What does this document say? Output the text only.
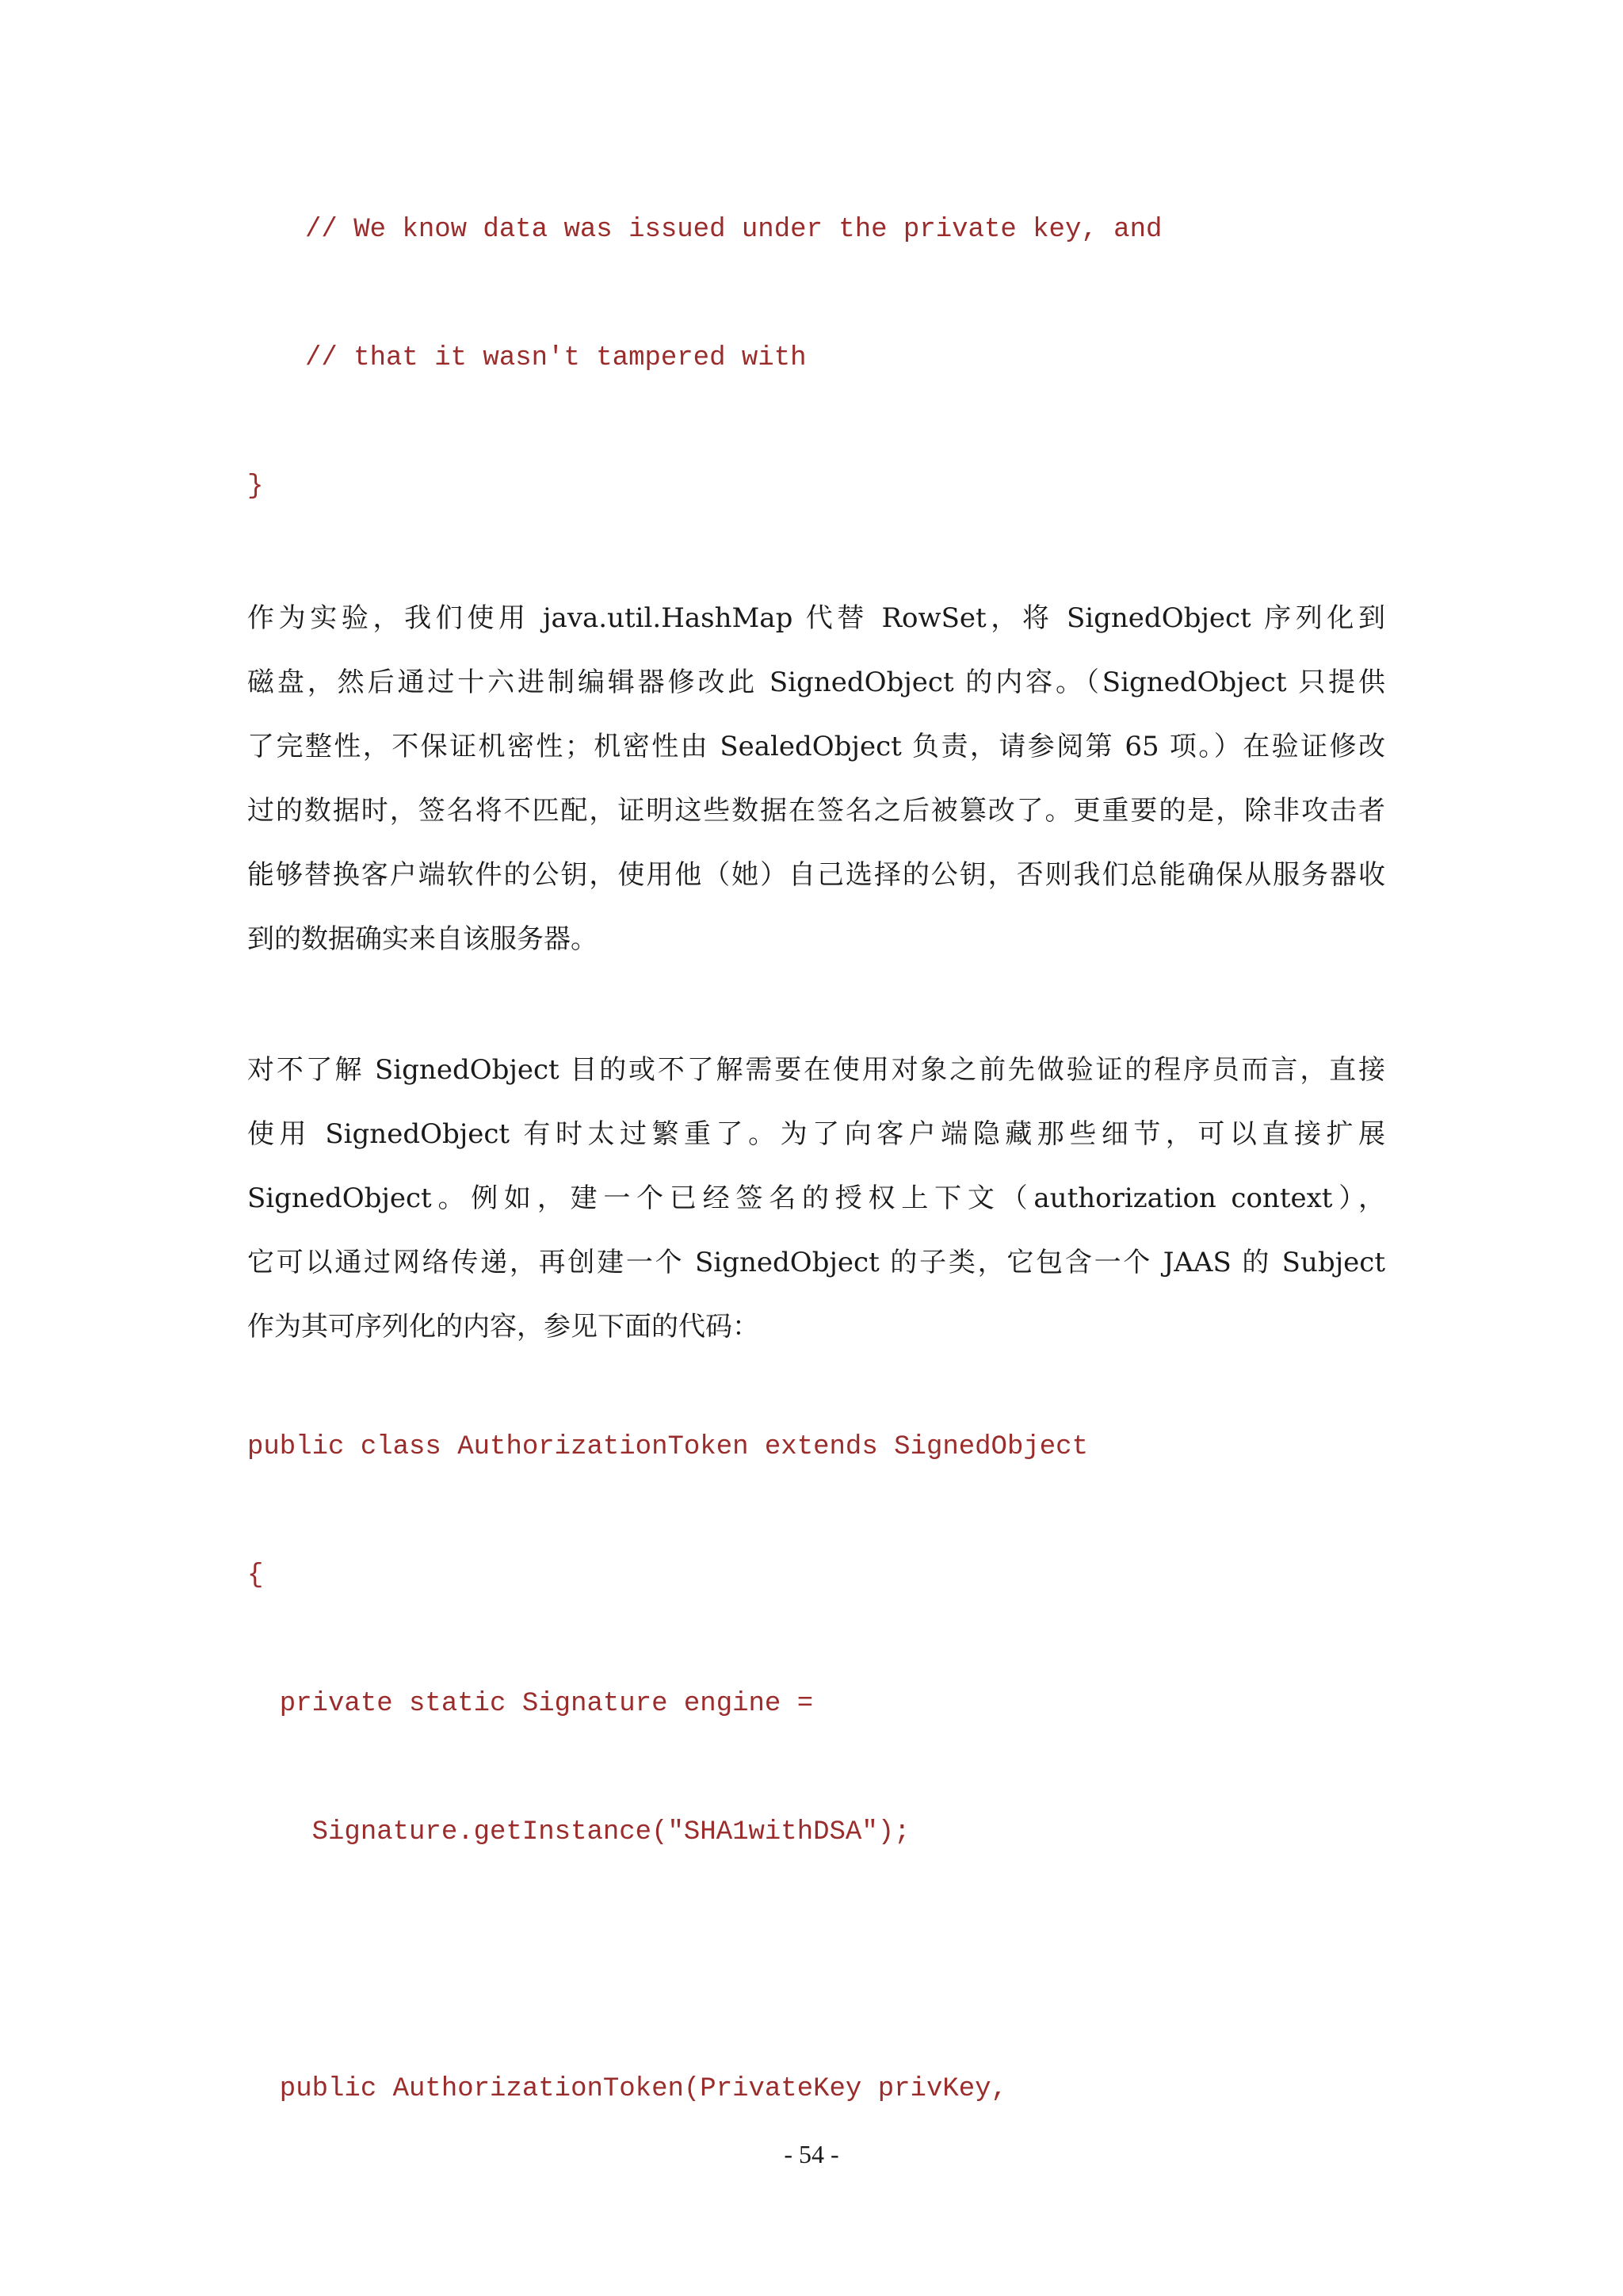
// We know data was issued under the private key, and
// that it wasn't tampered with
}
作为实验，我们使用 java.util.HashMap 代替 RowSet，将 SignedObject 序列化到
磁盘，然后通过十六进制编辑器修改此 SignedObject 的内容。（SignedObject 只提供
了完整性，不保证机密性；机密性由 SealedObject 负责，请参阅第 65 项。）在验证修改
过的数据时，签名将不匹配，证明这些数据在签名之后被篡改了。更重要的是，除非攻击者
能够替换客户端软件的公钥，使用他（她）自己选择的公钥，否则我们总能确保从服务器收
到的数据确实来自该服务器。
对不了解 SignedObject 目的或不了解需要在使用对象之前先做验证的程序员而言，直接
使用 SignedObject 有时太过繁重了。为了向客户端隐藏那些细节，可以直接扩展
SignedObject。例如，建一个已经签名的授权上下文（authorization context），
它可以通过网络传递，再创建一个 SignedObject 的子类，它包含一个 JAAS 的 Subject
作为其可序列化的内容，参见下面的代码：
public class AuthorizationToken extends SignedObject
{
private static Signature engine =
Signature.getInstance("SHA1withDSA");
public AuthorizationToken(PrivateKey privKey,
- 54 -
